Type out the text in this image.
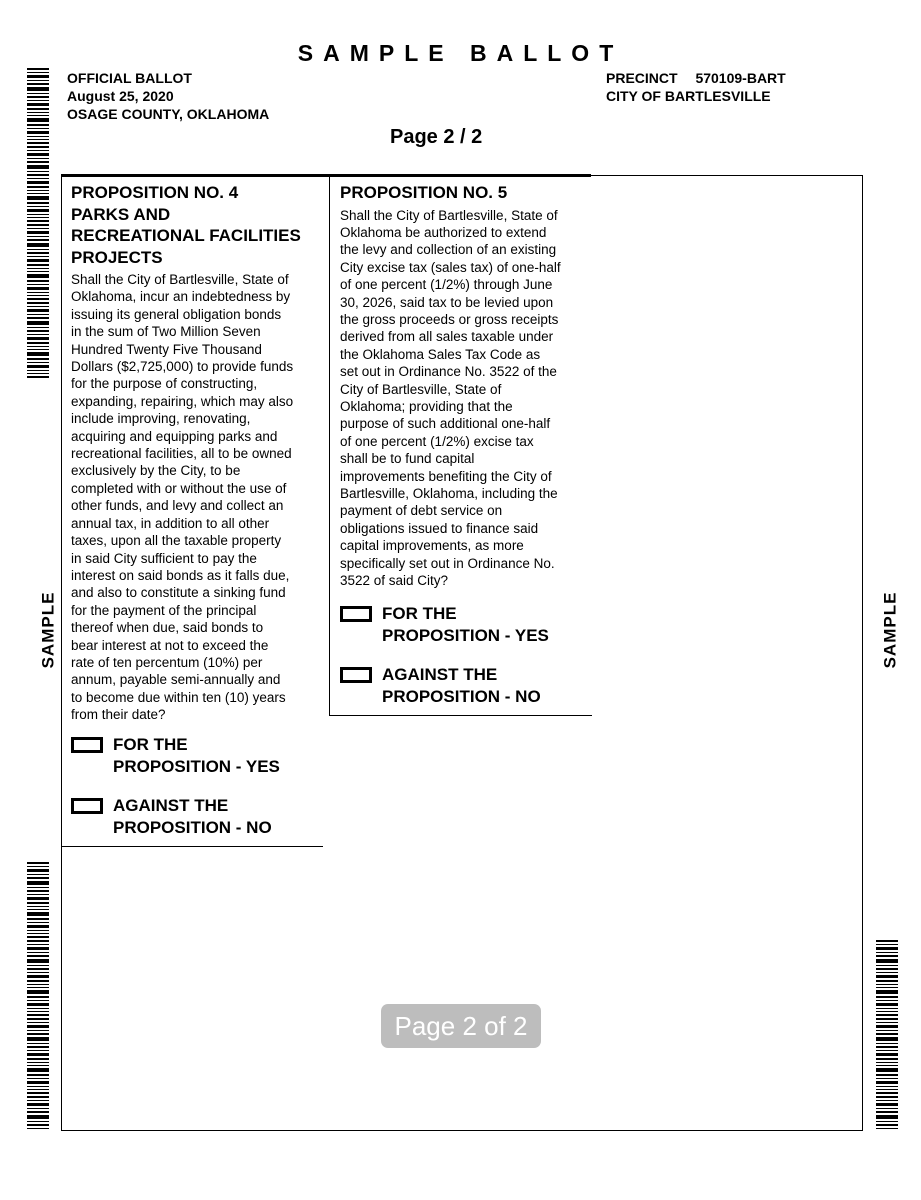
SAMPLE BALLOT
OFFICIAL BALLOT
August 25, 2020
OSAGE COUNTY, OKLAHOMA
PRECINCT 570109-BART
CITY OF BARTLESVILLE
Page 2 / 2
PROPOSITION NO. 4
PARKS AND
RECREATIONAL FACILITIES
PROJECTS
Shall the City of Bartlesville, State of
Oklahoma, incur an indebtedness by
issuing its general obligation bonds
in the sum of Two Million Seven
Hundred Twenty Five Thousand
Dollars ($2,725,000) to provide funds
for the purpose of constructing,
expanding, repairing, which may also
include improving, renovating,
acquiring and equipping parks and
recreational facilities, all to be owned
exclusively by the City, to be
completed with or without the use of
other funds, and levy and collect an
annual tax, in addition to all other
taxes, upon all the taxable property
in said City sufficient to pay the
interest on said bonds as it falls due,
and also to constitute a sinking fund
for the payment of the principal
thereof when due, said bonds to
bear interest at not to exceed the
rate of ten percentum (10%) per
annum, payable semi-annually and
to become due within ten (10) years
from their date?
FOR THE
PROPOSITION - YES
AGAINST THE
PROPOSITION - NO
PROPOSITION NO. 5
Shall the City of Bartlesville, State of
Oklahoma be authorized to extend
the levy and collection of an existing
City excise tax (sales tax) of one-half
of one percent (1/2%) through June
30, 2026, said tax to be levied upon
the gross proceeds or gross receipts
derived from all sales taxable under
the Oklahoma Sales Tax Code as
set out in Ordinance No. 3522 of the
City of Bartlesville, State of
Oklahoma; providing that the
purpose of such additional one-half
of one percent (1/2%) excise tax
shall be to fund capital
improvements benefiting the City of
Bartlesville, Oklahoma, including the
payment of debt service on
obligations issued to finance said
capital improvements, as more
specifically set out in Ordinance No.
3522 of said City?
FOR THE
PROPOSITION - YES
AGAINST THE
PROPOSITION - NO
SAMPLE	SAMPLE
Page 2 of 2
